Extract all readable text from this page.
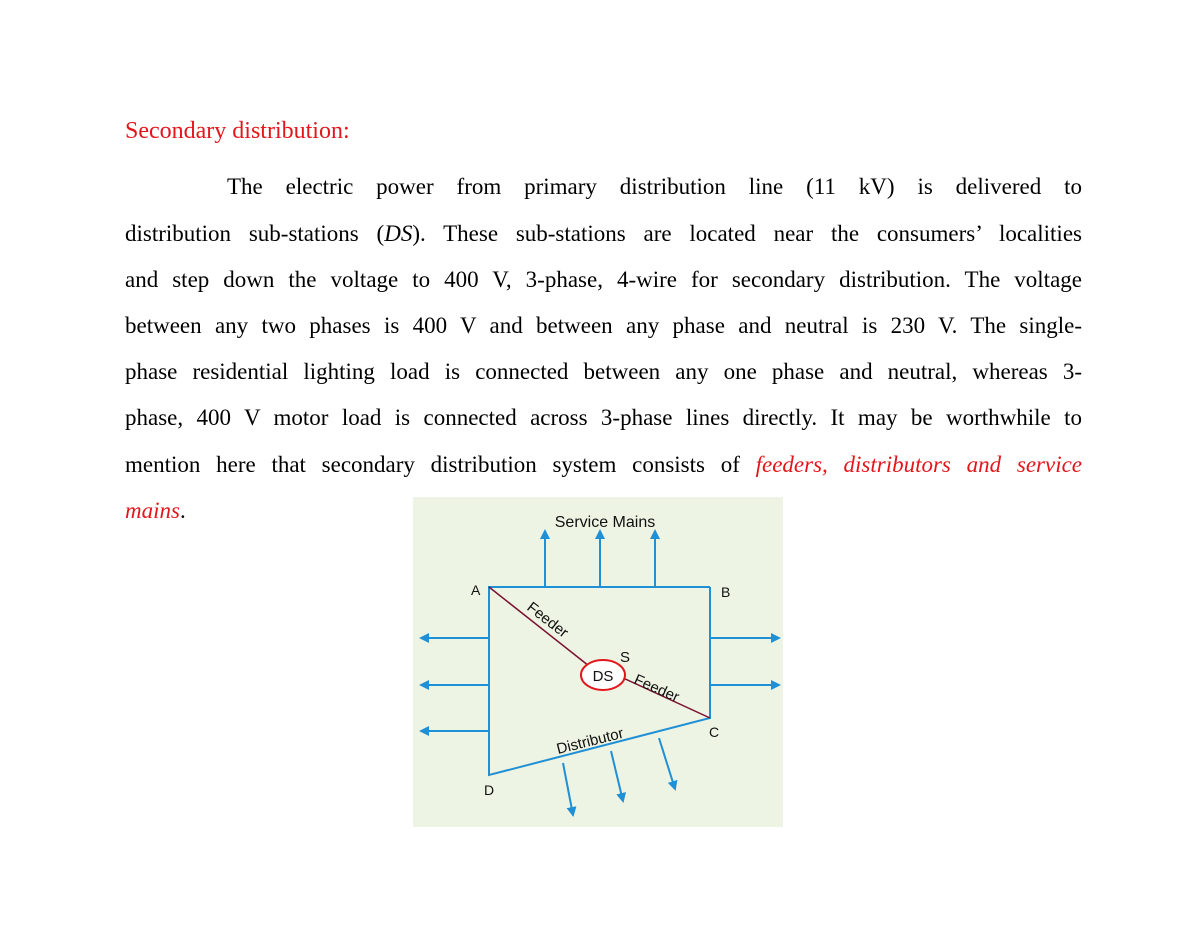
Secondary distribution:
The electric power from primary distribution line (11 kV) is delivered to
distribution sub-stations (DS). These sub-stations are located near the consumers’ localities
and step down the voltage to 400 V, 3-phase, 4-wire for secondary distribution. The voltage
between any two phases is 400 V and between any phase and neutral is 230 V. The single-
phase residential lighting load is connected between any one phase and neutral, whereas 3-
phase, 400 V motor load is connected across 3-phase lines directly. It may be worthwhile to
mention here that secondary distribution system consists of feeders, distributors and service
mains.
DS
Service Mains
A	B
C
D
S
Feeder
Feeder
Distributor
